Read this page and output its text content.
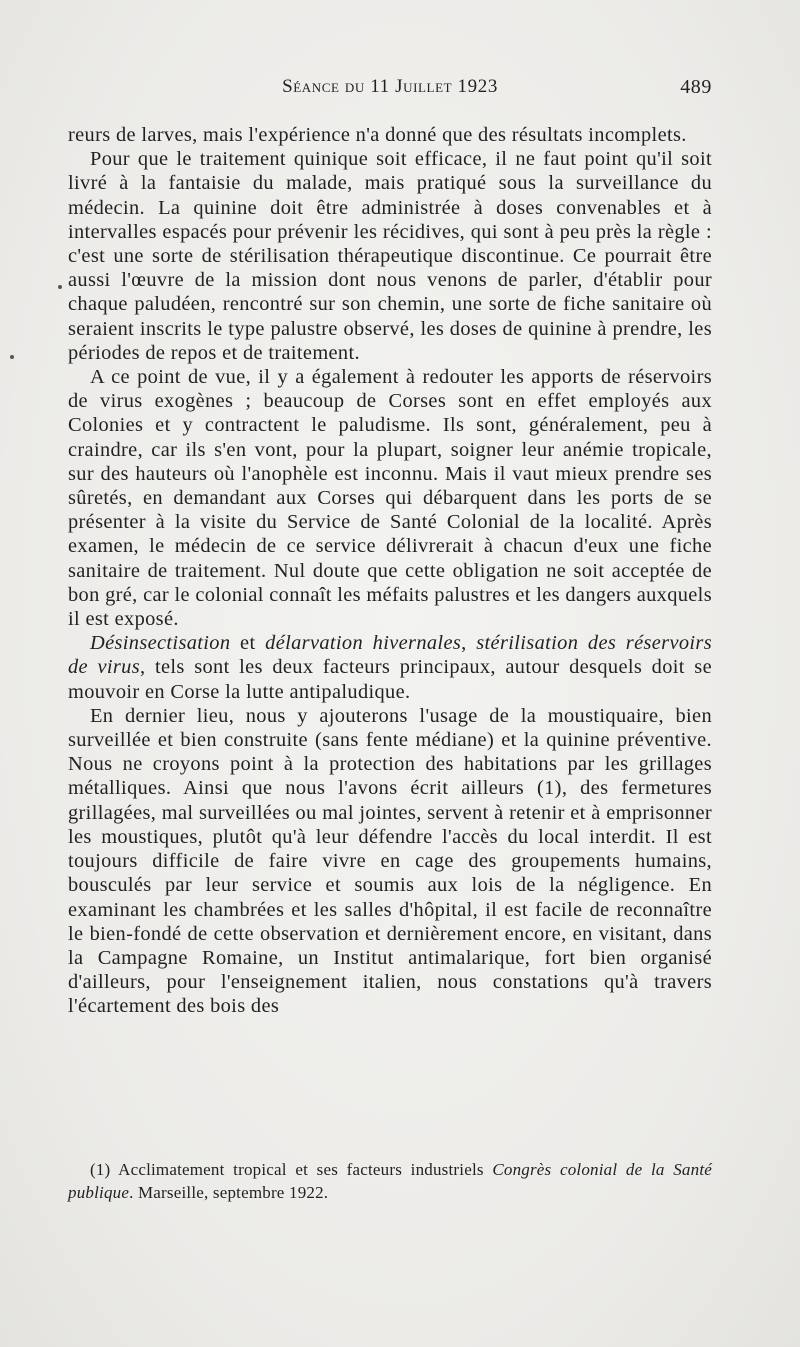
Séance du 11 Juillet 1923	489

reurs de larves, mais l'expérience n'a donné que des résultats incomplets.

Pour que le traitement quinique soit efficace, il ne faut point qu'il soit livré à la fantaisie du malade, mais pratiqué sous la surveillance du médecin. La quinine doit être administrée à doses convenables et à intervalles espacés pour prévenir les récidives, qui sont à peu près la règle : c'est une sorte de stérilisation thérapeutique discontinue. Ce pourrait être aussi l'œuvre de la mission dont nous venons de parler, d'établir pour chaque paludéen, rencontré sur son chemin, une sorte de fiche sanitaire où seraient inscrits le type palustre observé, les doses de quinine à prendre, les périodes de repos et de traitement.

A ce point de vue, il y a également à redouter les apports de réservoirs de virus exogènes ; beaucoup de Corses sont en effet employés aux Colonies et y contractent le paludisme. Ils sont, généralement, peu à craindre, car ils s'en vont, pour la plupart, soigner leur anémie tropicale, sur des hauteurs où l'anophèle est inconnu. Mais il vaut mieux prendre ses sûretés, en demandant aux Corses qui débarquent dans les ports de se présenter à la visite du Service de Santé Colonial de la localité. Après examen, le médecin de ce service délivrerait à chacun d'eux une fiche sanitaire de traitement. Nul doute que cette obligation ne soit acceptée de bon gré, car le colonial connaît les méfaits palustres et les dangers auxquels il est exposé.

Désinsectisation et délarvation hivernales, stérilisation des réservoirs de virus, tels sont les deux facteurs principaux, autour desquels doit se mouvoir en Corse la lutte antipaludique.

En dernier lieu, nous y ajouterons l'usage de la moustiquaire, bien surveillée et bien construite (sans fente médiane) et la quinine préventive. Nous ne croyons point à la protection des habitations par les grillages métalliques. Ainsi que nous l'avons écrit ailleurs (1), des fermetures grillagées, mal surveillées ou mal jointes, servent à retenir et à emprisonner les moustiques, plutôt qu'à leur défendre l'accès du local interdit. Il est toujours difficile de faire vivre en cage des groupements humains, bousculés par leur service et soumis aux lois de la négligence. En examinant les chambrées et les salles d'hôpital, il est facile de reconnaître le bien-fondé de cette observation et dernièrement encore, en visitant, dans la Campagne Romaine, un Institut antimalarique, fort bien organisé d'ailleurs, pour l'enseignement italien, nous constations qu'à travers l'écartement des bois des

(1) Acclimatement tropical et ses facteurs industriels Congrès colonial de la Santé publique. Marseille, septembre 1922.
